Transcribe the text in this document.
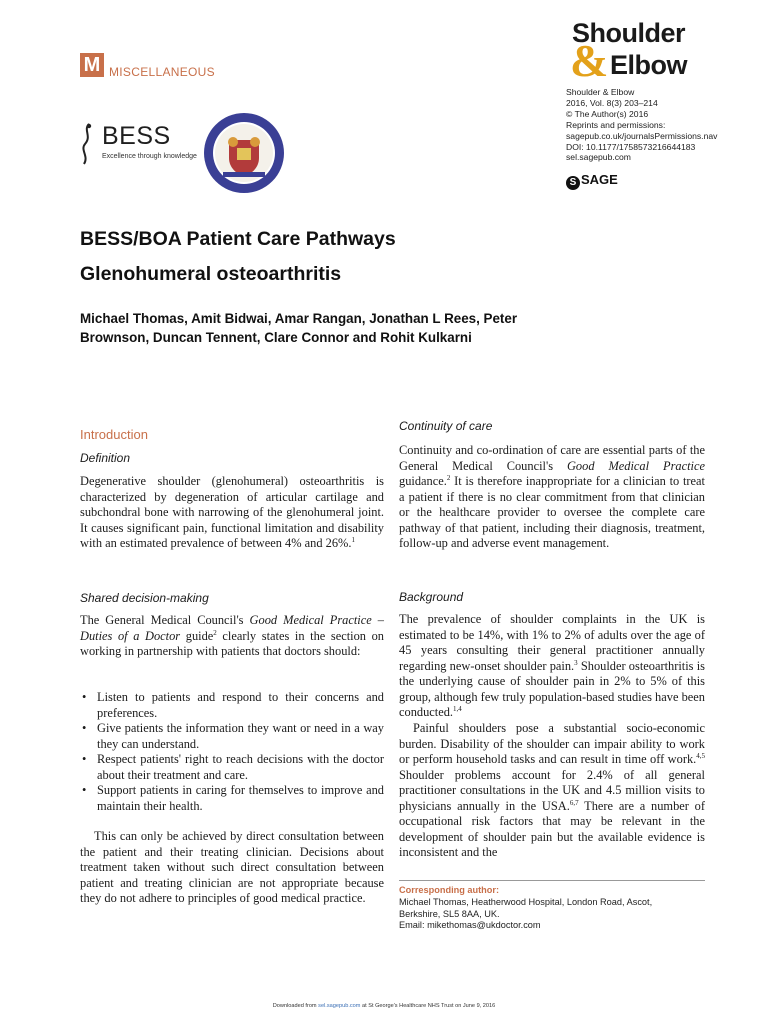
M MISCELLANEOUS	&
Shoulder
Elbow
Shoulder & Elbow
2016, Vol. 8(3) 203–214
© The Author(s) 2016
Reprints and permissions:
sagepub.co.uk/journalsPermissions.nav
DOI: 10.1177/1758573216644183
sel.sagepub.com
S SAGE
BESS
Excellence through knowledge
BESS/BOA Patient Care Pathways
Glenohumeral osteoarthritis
Michael Thomas, Amit Bidwai, Amar Rangan, Jonathan L Rees, Peter Brownson, Duncan Tennent, Clare Connor and Rohit Kulkarni
Introduction
Definition
Degenerative shoulder (glenohumeral) osteoarthritis is characterized by degeneration of articular cartilage and subchondral bone with narrowing of the glenohumeral joint. It causes significant pain, functional limitation and disability with an estimated prevalence of between 4% and 26%.$^1$
Shared decision-making
The General Medical Council's Good Medical Practice – Duties of a Doctor guide$^2$ clearly states in the section on working in partnership with patients that doctors should:
• Listen to patients and respond to their concerns and preferences.
• Give patients the information they want or need in a way they can understand.
• Respect patients' right to reach decisions with the doctor about their treatment and care.
• Support patients in caring for themselves to improve and maintain their health.
This can only be achieved by direct consultation between the patient and their treating clinician. Decisions about treatment taken without such direct consultation between patient and treating clinician are not appropriate because they do not adhere to principles of good medical practice.
Continuity of care
Continuity and co-ordination of care are essential parts of the General Medical Council's Good Medical Practice guidance.$^2$ It is therefore inappropriate for a clinician to treat a patient if there is no clear commitment from that clinician or the healthcare provider to oversee the complete care pathway of that patient, including their diagnosis, treatment, follow-up and adverse event management.
Background
The prevalence of shoulder complaints in the UK is estimated to be 14%, with 1% to 2% of adults over the age of 45 years consulting their general practitioner annually regarding new-onset shoulder pain.$^3$ Shoulder osteoarthritis is the underlying cause of shoulder pain in 2% to 5% of this group, although few truly population-based studies have been conducted.$^{1,4}$
Painful shoulders pose a substantial socio-economic burden. Disability of the shoulder can impair ability to work or perform household tasks and can result in time off work.$^{4,5}$ Shoulder problems account for 2.4% of all general practitioner consultations in the UK and 4.5 million visits to physicians annually in the USA.$^{6,7}$ There are a number of occupational risk factors that may be relevant in the development of shoulder pain but the available evidence is inconsistent and the
Corresponding author:
Michael Thomas, Heatherwood Hospital, London Road, Ascot,
Berkshire, SL5 8AA, UK.
Email: mikethomas@ukdoctor.com
Downloaded from sel.sagepub.com at St George's Healthcare NHS Trust on June 9, 2016
